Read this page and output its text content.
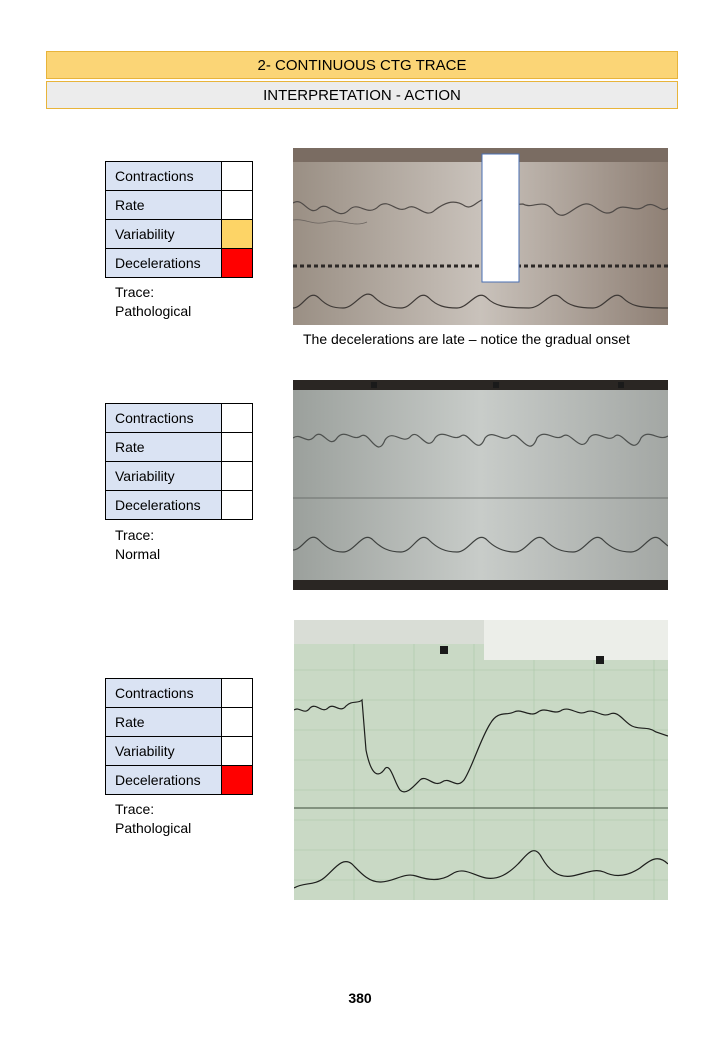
2- CONTINUOUS CTG TRACE
INTERPRETATION - ACTION
Contractions	
Rate	
Variability	
Decelerations	
Trace:
Pathological
The decelerations are late – notice the gradual onset
Contractions	
Rate	
Variability	
Decelerations	
Trace:
Normal
Contractions	
Rate	
Variability	
Decelerations	
Trace:
Pathological
380
